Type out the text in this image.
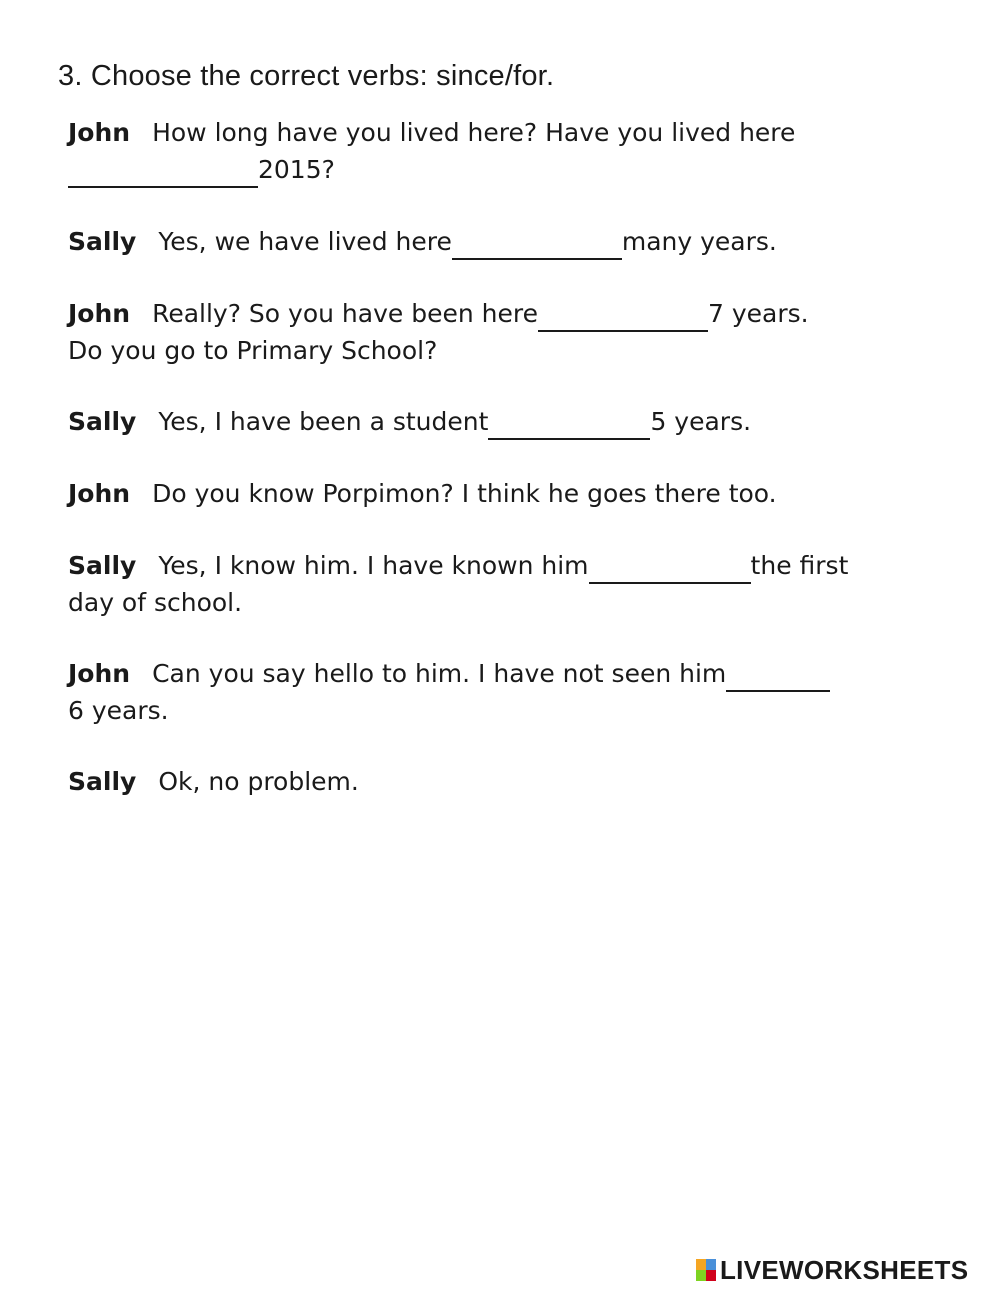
3. Choose the correct verbs: since/for.
John How long have you lived here? Have you lived here
2015?
Sally Yes, we have lived here	many years.
John Really? So you have been here	7 years.
Do you go to Primary School?
Sally Yes, I have been a student	5 years.
John Do you know Porpimon? I think he goes there too.
Sally Yes, I know him. I have known him	the first
day of school.
John Can you say hello to him. I have not seen him
6 years.
Sally Ok, no problem.
LIVEWORKSHEETS
